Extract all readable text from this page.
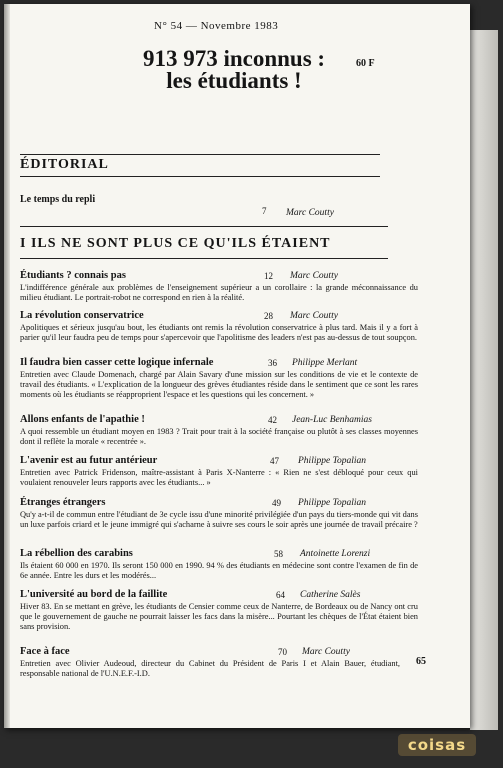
N° 54 — Novembre 1983

913 973 inconnus :
les étudiants !

60 F

ÉDITORIAL

Le temps du repli

7 Marc Coutty

I ILS NE SONT PLUS CE QU'ILS ÉTAIENT

Étudiants ? connais pas	12 Marc Coutty

L'indifférence générale aux problèmes de l'enseignement supérieur a un corollaire : la grande méconnaissance du milieu étudiant. Le portrait-robot ne correspond en rien à la réalité.

La révolution conservatrice	28 Marc Coutty

Apolitiques et sérieux jusqu'au bout, les étudiants ont remis la révolution conservatrice à plus tard. Mais il y a fort à parier qu'il leur faudra peu de temps pour s'apercevoir que l'apolitisme des leaders n'est pas au-dessus de tout soupçon.

Il faudra bien casser cette logique infernale	36 Philippe Merlant

Entretien avec Claude Domenach, chargé par Alain Savary d'une mission sur les conditions de vie et le contexte de travail des étudiants. « L'explication de la longueur des grèves étudiantes réside dans le sentiment que ce sont les rares moments où les étudiants se réapproprient l'espace et les questions qui les concernent. »

Allons enfants de l'apathie !	42 Jean-Luc Benhamias

A quoi ressemble un étudiant moyen en 1983 ? Trait pour trait à la société française ou plutôt à ses classes moyennes dont il reflète la morale « recentrée ».

L'avenir est au futur antérieur	47 Philippe Topalian

Entretien avec Patrick Fridenson, maître-assistant à Paris X-Nanterre : « Rien ne s'est débloqué pour ceux qui voulaient renouveler leurs rapports avec les étudiants... »

Étranges étrangers	49 Philippe Topalian

Qu'y a-t-il de commun entre l'étudiant de 3e cycle issu d'une minorité privilégiée d'un pays du tiers-monde qui vit dans un luxe parfois criard et le jeune immigré qui s'acharne à suivre ses cours le soir après une journée de travail précaire ?

La rébellion des carabins	58 Antoinette Lorenzi

Ils étaient 60 000 en 1970. Ils seront 150 000 en 1990. 94 % des étudiants en médecine sont contre l'examen de fin de 6e année. Entre les durs et les modérés...

L'université au bord de la faillite	64 Catherine Salès

Hiver 83. En se mettant en grève, les étudiants de Censier comme ceux de Nanterre, de Bordeaux ou de Nancy ont cru que le gouvernement de gauche ne pourrait laisser les facs dans la misère... Pourtant les chèques de l'État étaient bien sans provision.

Face à face	70 Marc Coutty

Entretien avec Olivier Audeoud, directeur du Cabinet du Président de Paris I et Alain Bauer, étudiant, responsable national de l'U.N.E.F.-I.D.

65

coisas
